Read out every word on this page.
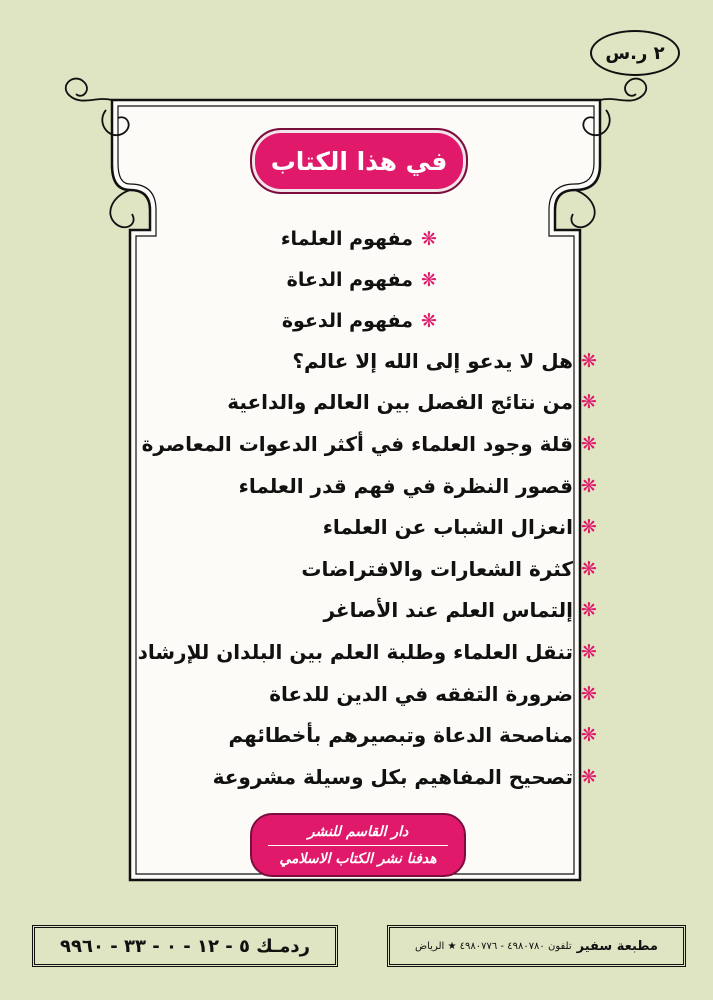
٢ ر.س
في هذا الكتاب
❋
مفهوم العلماء
❋
مفهوم الدعاة
❋
مفهوم الدعوة
❋
هل لا يدعو إلى الله إلا عالم؟
❋
من نتائج الفصل بين العالم والداعية
❋
قلة وجود العلماء في أكثر الدعوات المعاصرة
❋
قصور النظرة في فهم قدر العلماء
❋
انعزال الشباب عن العلماء
❋
كثرة الشعارات والافتراضات
❋
إلتماس العلم عند الأصاغر
❋
تنقل العلماء وطلبة العلم بين البلدان للإرشاد
❋
ضرورة التفقه في الدين للدعاة
❋
مناصحة الدعاة وتبصيرهم بأخطائهم
❋
تصحيح المفاهيم بكل وسيلة مشروعة
دار القاسم للنشر
هدفنا نشر الكتاب الاسلامي
ردمـك ٥ - ١٢ - ٠ - ٣٣ - ٩٩٦٠	مطبعة سفير
تلفون ٤٩٨٠٧٨٠ - ٤٩٨٠٧٧٦ ★ الرياض
